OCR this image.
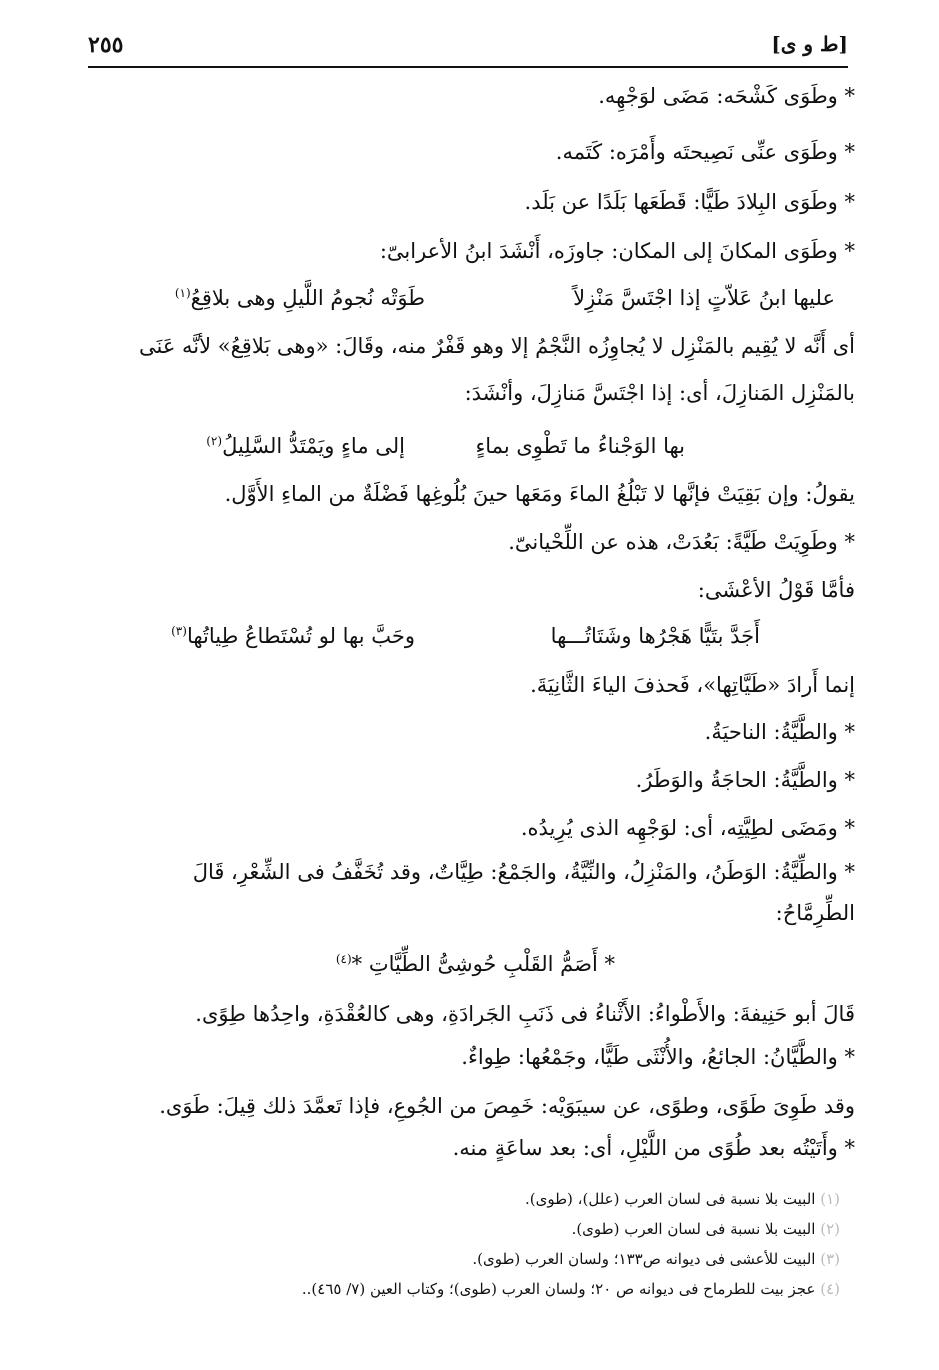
٢٥٥	[ط و ى]
* وطَوَى كَشْحَه: مَضَى لوَجْهِه.
* وطَوَى عنِّى نَصِيحتَه وأَمْرَه: كَتَمه.
* وطَوَى البِلادَ طَيًّا: قَطَعَها بَلَدًا عن بَلَد.
* وطَوَى المكانَ إلى المكان: جاوزَه، أَنْشَدَ ابنُ الأعرابىّ:
عليها ابنُ عَلاّتٍ إذا اجْتَسَّ مَنْزِلاً
طَوَتْه نُجومُ اللَّيلِ وهى بلاقِعُ$^{(١)}$
أى أَنَّه لا يُقِيم بالمَنْزِل لا يُجاوِزُه النَّجْمُ إلا وهو قَفْرٌ منه، وقَالَ: «وهى بَلاقِعُ» لأنَّه عَنَى
بالمَنْزِل المَنازِلَ، أى: إذا اجْتَسَّ مَنازِلَ، وأنْشَدَ:
بها الوَجْناءُ ما تَطْوِى بماءٍ
إلى ماءٍ ويَمْتَدُّ السَّلِيلُ$^{(٢)}$
يقولُ: وإن بَقِيَتْ فإنَّها لا تَبْلُغُ الماءَ ومَعَها حينَ بُلُوغِها فَضْلَةٌ من الماءِ الأَوَّل.
* وطَوِيَتْ طَيَّةً: بَعُدَتْ، هذه عن اللِّحْيانىّ.
فأمَّا قَوْلُ الأعْشَى:
أَجَدَّ بتَيًّا هَجْرُها وشَتَاتُـــها
وحَبَّ بها لو تُسْتَطاعُ طِياتُها$^{(٣)}$
إنما أَرادَ «طَيَّاتِها»، فَحذفَ الياءَ الثَّانِيَةَ.
* والطَّيَّةُ: الناحيَةُ.
* والطَّيَّةُ: الحاجَةُ والوَطَرُ.
* ومَضَى لطِيَّتِه، أى: لوَجْهِه الذى يُرِيدُه.
* والطِّيَّةُ: الوَطَنُ، والمَنْزِلُ، والنِّيَّةُ، والجَمْعُ: طِيَّاتٌ، وقد تُخَفَّفُ فى الشِّعْرِ، قَالَ
الطِّرِمَّاحُ:
* أَصَمُّ القَلْبِ حُوشِىُّ الطِّيَّاتِ *$^{(٤)}$
قَالَ أبو حَنِيفةَ: والأَطْواءُ: الأَثْناءُ فى ذَنَبِ الجَرادَةِ، وهى كالعُقْدَةِ، واحِدُها طِوًى.
* والطَّيَّانُ: الجائعُ، والأُنْثَى طَيًّا، وجَمْعُها: طِواءٌ.
وقد طَوِىَ طَوًى، وطوًى، عن سيبَوَيْه: خَمِصَ من الجُوعِ، فإذا تَعمَّدَ ذلك قِيلَ: طَوَى.
* وأَتَيْتُه بعد طُوًى من اللَّيْلِ، أى: بعد ساعَةٍ منه.
(١) البيت بلا نسبة فى لسان العرب (علل)، (طوى).
(٢) البيت بلا نسبة فى لسان العرب (طوى).
(٣) البيت للأعشى فى ديوانه ص١٣٣؛ ولسان العرب (طوى).
(٤) عجز بيت للطرماح فى ديوانه ص ٢٠؛ ولسان العرب (طوى)؛ وكتاب العين (٧/ ٤٦٥)..
